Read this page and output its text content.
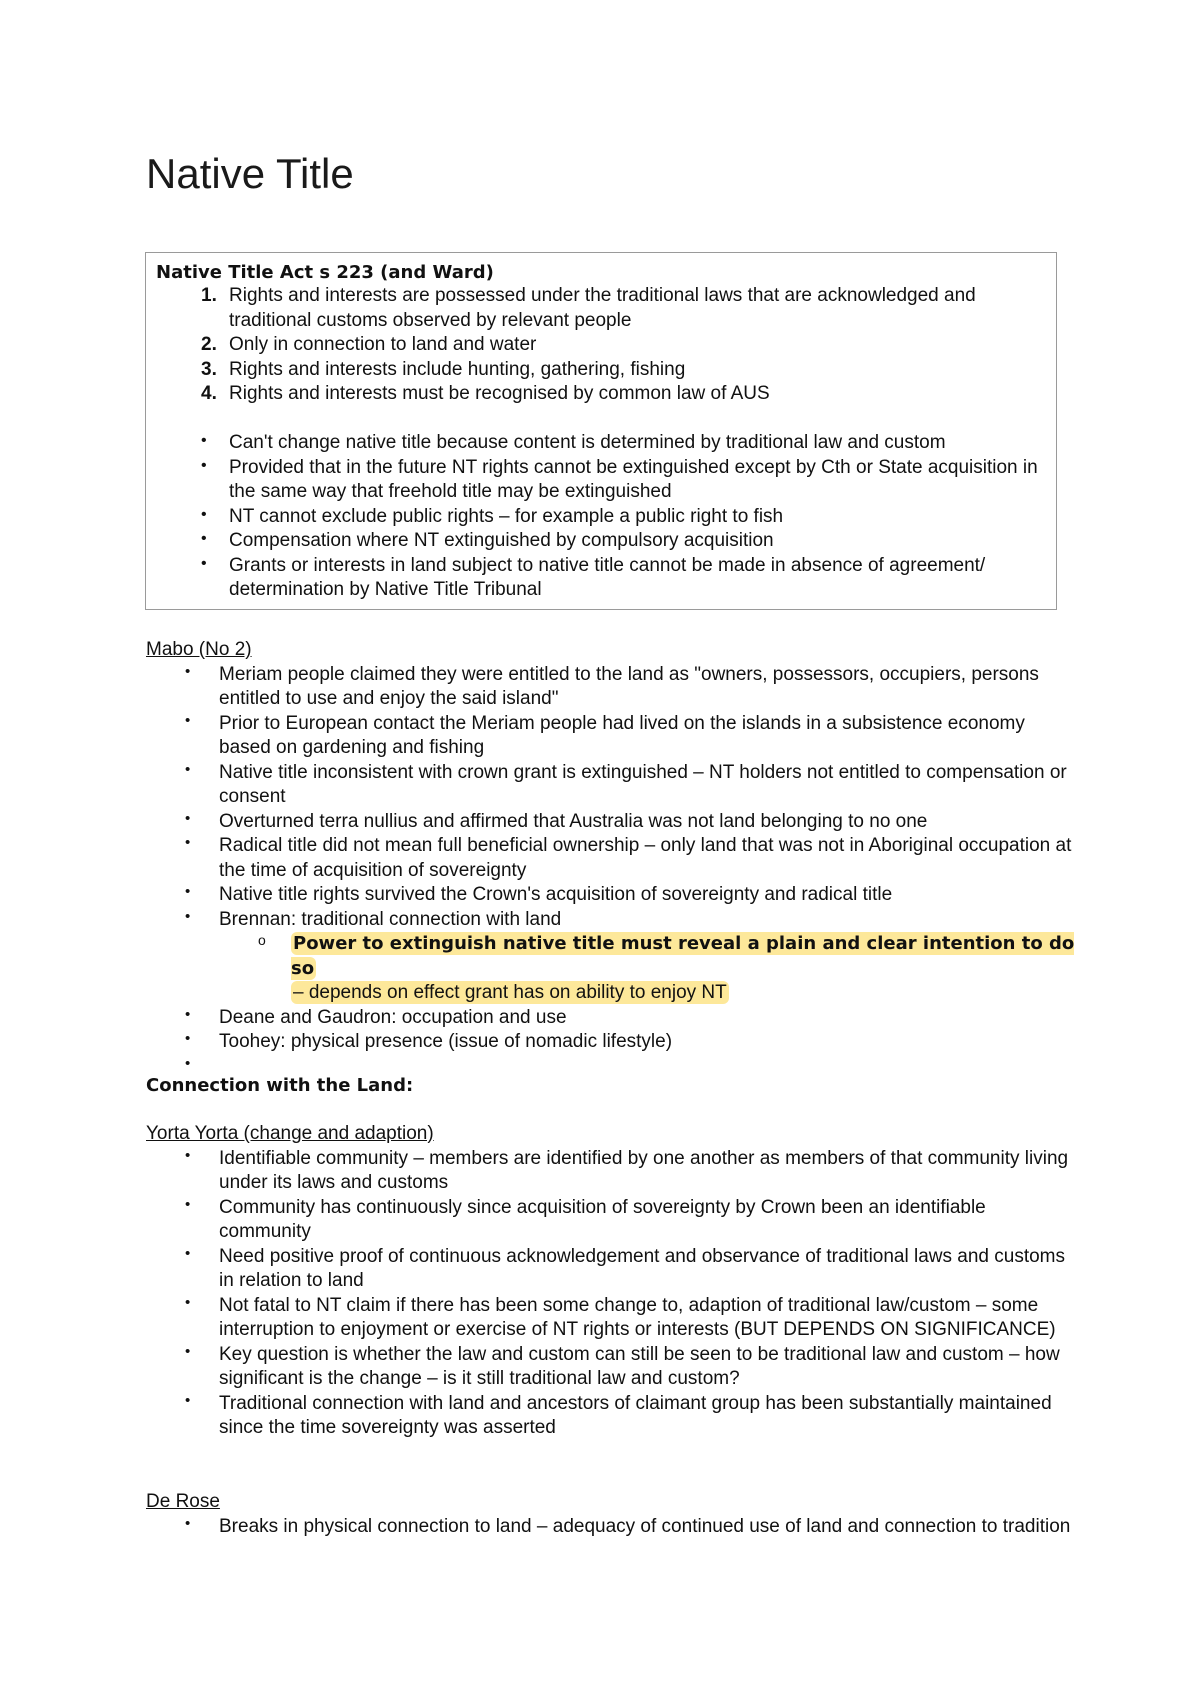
Native Title
Native Title Act s 223 (and Ward)
1. Rights and interests are possessed under the traditional laws that are acknowledged and traditional customs observed by relevant people
2. Only in connection to land and water
3. Rights and interests include hunting, gathering, fishing
4. Rights and interests must be recognised by common law of AUS
• Can't change native title because content is determined by traditional law and custom
• Provided that in the future NT rights cannot be extinguished except by Cth or State acquisition in the same way that freehold title may be extinguished
• NT cannot exclude public rights – for example a public right to fish
• Compensation where NT extinguished by compulsory acquisition
• Grants or interests in land subject to native title cannot be made in absence of agreement/ determination by Native Title Tribunal
Mabo (No 2)
• Meriam people claimed they were entitled to the land as "owners, possessors, occupiers, persons entitled to use and enjoy the said island"
• Prior to European contact the Meriam people had lived on the islands in a subsistence economy based on gardening and fishing
• Native title inconsistent with crown grant is extinguished – NT holders not entitled to compensation or consent
• Overturned terra nullius and affirmed that Australia was not land belonging to no one
• Radical title did not mean full beneficial ownership – only land that was not in Aboriginal occupation at the time of acquisition of sovereignty
• Native title rights survived the Crown's acquisition of sovereignty and radical title
• Brennan: traditional connection with land
o Power to extinguish native title must reveal a plain and clear intention to do so
– depends on effect grant has on ability to enjoy NT
• Deane and Gaudron: occupation and use
• Toohey: physical presence (issue of nomadic lifestyle)
•
Connection with the Land:
Yorta Yorta (change and adaption)
• Identifiable community – members are identified by one another as members of that community living under its laws and customs
• Community has continuously since acquisition of sovereignty by Crown been an identifiable community
• Need positive proof of continuous acknowledgement and observance of traditional laws and customs in relation to land
• Not fatal to NT claim if there has been some change to, adaption of traditional law/custom – some interruption to enjoyment or exercise of NT rights or interests (BUT DEPENDS ON SIGNIFICANCE)
• Key question is whether the law and custom can still be seen to be traditional law and custom – how significant is the change – is it still traditional law and custom?
• Traditional connection with land and ancestors of claimant group has been substantially maintained since the time sovereignty was asserted
De Rose
• Breaks in physical connection to land – adequacy of continued use of land and connection to tradition
